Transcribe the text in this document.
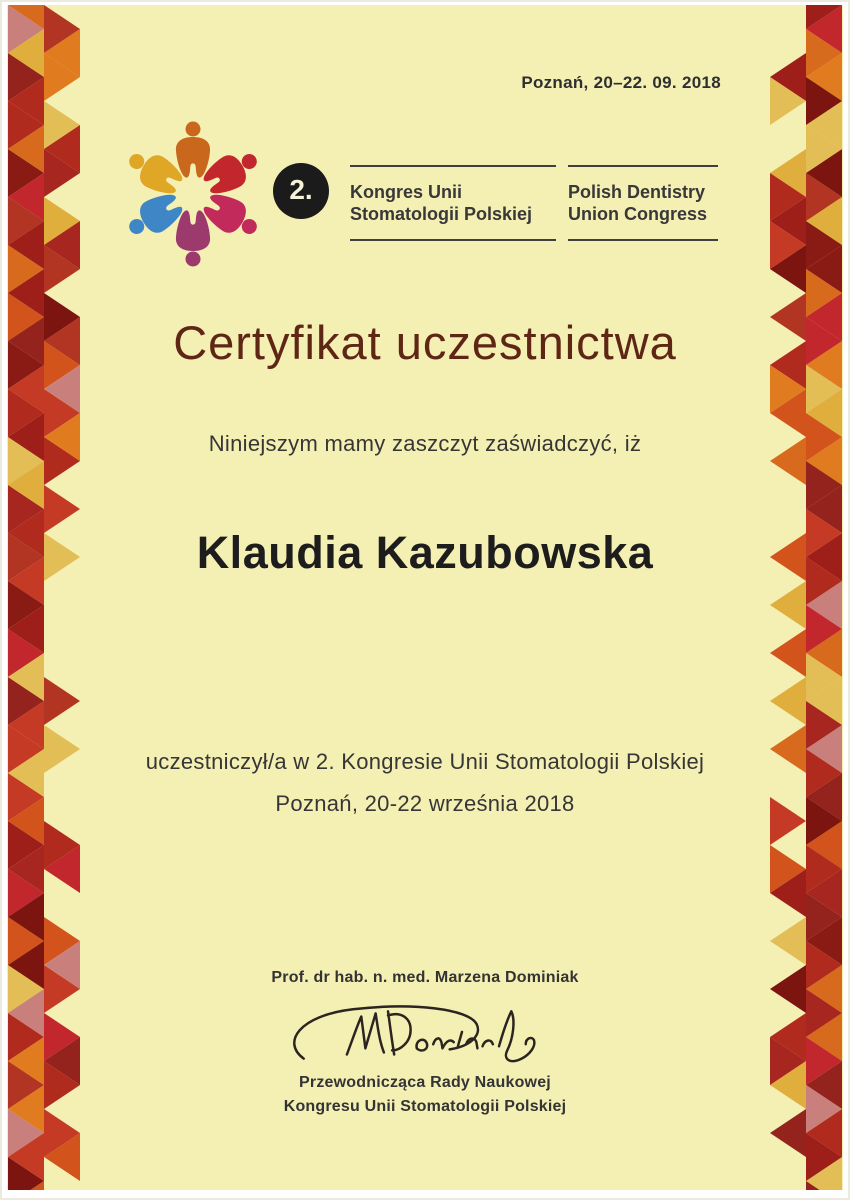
Poznań, 20–22. 09. 2018
2. Kongres Unii
Stomatologii Polskiej
Polish Dentistry
Union Congress
Certyfikat uczestnictwa
Niniejszym mamy zaszczyt zaświadczyć, iż
Klaudia Kazubowska
uczestniczył/a w 2. Kongresie Unii Stomatologii Polskiej
Poznań, 20-22 września 2018
Prof. dr hab. n. med. Marzena Dominiak
Przewodnicząca Rady Naukowej
Kongresu Unii Stomatologii Polskiej
